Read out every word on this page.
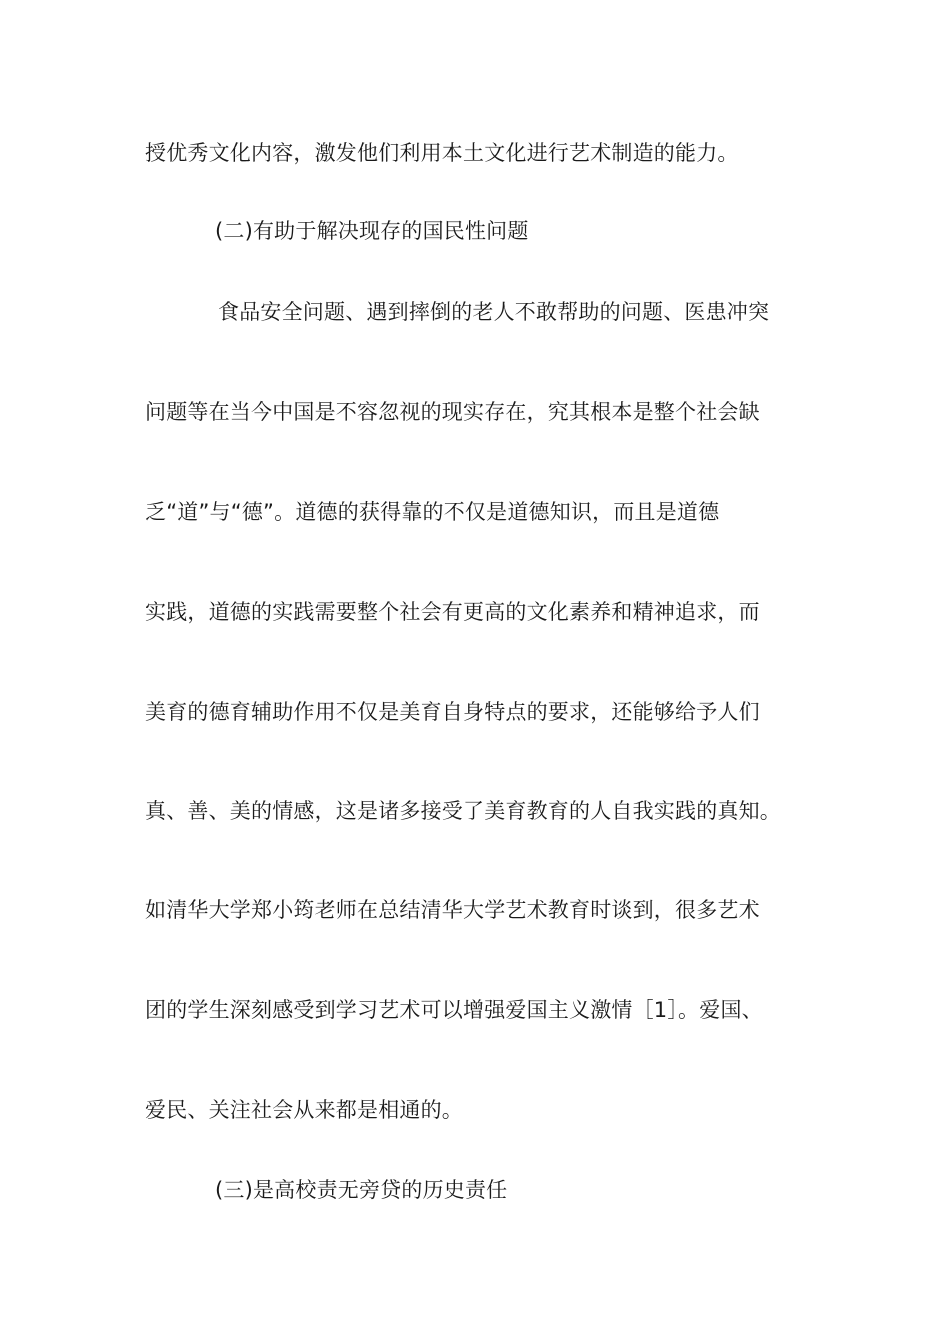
授优秀文化内容，激发他们利用本土文化进行艺术制造的能力。
(二)有助于解决现存的国民性问题
食品安全问题、遇到摔倒的老人不敢帮助的问题、医患冲突
问题等在当今中国是不容忽视的现实存在，究其根本是整个社会缺
乏“道”与“德”。道德的获得靠的不仅是道德知识，而且是道德
实践，道德的实践需要整个社会有更高的文化素养和精神追求，而
美育的德育辅助作用不仅是美育自身特点的要求，还能够给予人们
真、善、美的情感，这是诸多接受了美育教育的人自我实践的真知。
如清华大学郑小筠老师在总结清华大学艺术教育时谈到，很多艺术
团的学生深刻感受到学习艺术可以增强爱国主义激情［1］。爱国、
爱民、关注社会从来都是相通的。
(三)是高校责无旁贷的历史责任
